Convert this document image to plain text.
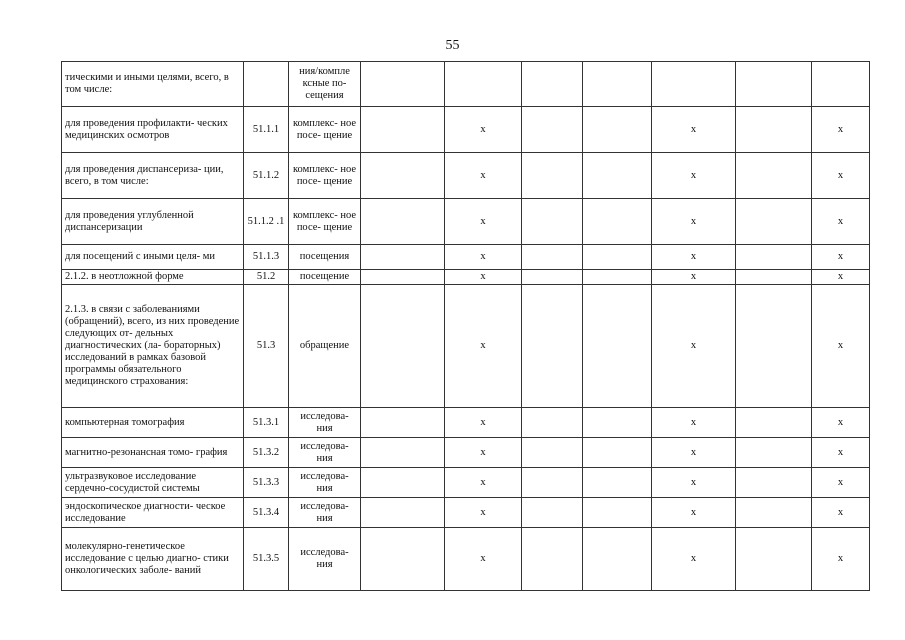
55
тическими и иными целями, всего, в том числе:		ния/компле ксные по- сещения							
для проведения профилакти- ческих медицинских осмотров	51.1.1	комплекс- ное посе- щение		х			х		х
для проведения диспансериза- ции, всего, в том числе:	51.1.2	комплекс- ное посе- щение		х			х		х
для проведения углубленной диспансеризации	51.1.2 .1	комплекс- ное посе- щение		х			х		х
для посещений с иными целя- ми	51.1.3	посещения		х			х		х
2.1.2. в неотложной форме	51.2	посещение		х			х		х
2.1.3. в связи с заболеваниями (обращений), всего, из них проведение следующих от- дельных диагностических (ла- бораторных) исследований в рамках базовой программы обязательного медицинского страхования:	51.3	обращение		х			х		х
компьютерная томография	51.3.1	исследова- ния		х			х		х
магнитно-резонансная томо- графия	51.3.2	исследова- ния		х			х		х
ультразвуковое исследование сердечно-сосудистой системы	51.3.3	исследова- ния		х			х		х
эндоскопическое диагности- ческое исследование	51.3.4	исследова- ния		х			х		х
молекулярно-генетическое исследование с целью диагно- стики онкологических заболе- ваний	51.3.5	исследова- ния		х			х		х
